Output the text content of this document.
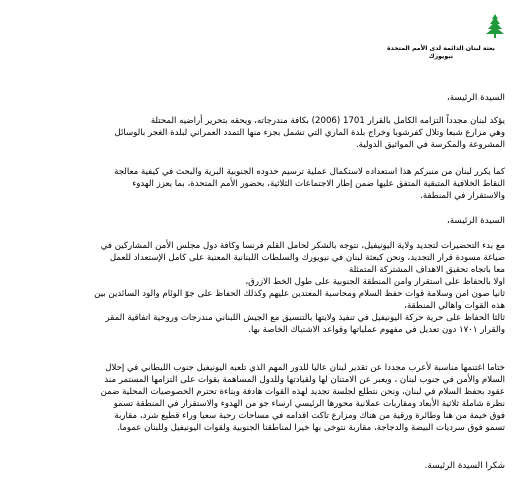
بعثة لبنان الدائمة لدى الأمم المتحدة
نيويورك
السيدة الرئيسة،

يؤكد لبنان مجدداً التزامه الكامل بالقرار 1701 (2006) بكافة مندرجاته، ويحقه بتحرير أراضيه المحتلة

وهي مزارع شبعا وتلال كفرشوبا وخراج بلدة الماري التي تشمل بجزء منها التمدد العمراني لبلدة الغجر بالوسائل

المشروعة والمكرسة في المواثيق الدولية.

كما يكرر لبنان من منبركم هذا استعداده لاستكمال عملية ترسيم حدوده الجنوبية البرية والبحث في كيفية معالجة

النقاط الخلافية المتبقية المتفق عليها ضمن إطار الاجتماعات الثلاثية، بحضور الأمم المتحدة، بما يعزز الهدوء

والاستقرار في المنطقة.

السيدة الرئيسة،

مع بدء التحضيرات لتجديد ولاية اليونيفيل، نتوجه بالشكر لحامل القلم فرنسا وكافة دول مجلس الأمن المشاركين في

صياغة مسودة قرار التجديد، ونحن كبعثة لبنان في نيويورك والسلطات اللبنانية المعنية على كامل الإستعداد للعمل

معا باتجاه تحقيق الاهداف المشتركة المتمثلة

اولا بالحفاظ على استقرار وامن المنطقة الجنوبية على طول الخط الازرق،

ثانيا صون امن وسلامة قوات حفظ السلام ومحاسبة المعتدين عليهم وكذلك الحفاظ على جوّ الوئام والود السائدين بين

هذه القوات واهالي المنطقة،

ثالثا الحفاظ على حرية حركة اليونيفيل في تنفيذ ولايتها بالتنسيق مع الجيش اللبناني مندرجات وروحية اتفاقية المقر

والقرار ١٧٠١ دون تعديل في مفهوم عملياتها وقواعد الاشتباك الخاصة بها.

ختاما اغتنمها مناسبة لأعرب مجددا عن تقدير لبنان عاليا للدور المهم الذي تلعبه اليونيفيل جنوب الليطاني في إحلال

السلام والأمن في جنوب لبنان ، ويعبر عن الامتنان لها ولقيادتها وللدول المساهمة بقوات على التزامها المستمر منذ

عقود بحفظ السلام في لبنان، ونحن نتطلع لجلسة تجديد لهذه القوات هادفة وبناءة تحترم الخصوصيات المحلية ضمن

نظرة شاملة ثلاثية الأبعاد ومقاربات عملانية محورها الرئيسي ارساء جو من الهدوء والاستقرار في المنطقة تسمو

فوق خيمة من هنا وطائرة ورقية من هناك ومزارع تاكت اقدامه في مساحات رحبة سعيا وراء قطيع شرد، مقاربة

تسمو فوق سرديات البيضة والدجاجة، مقاربة نتوخى بها خيرا لمناطقنا الجنوبية ولقوات اليونيفيل وللبنان عموما.

شكرا السيدة الرئيسة.
